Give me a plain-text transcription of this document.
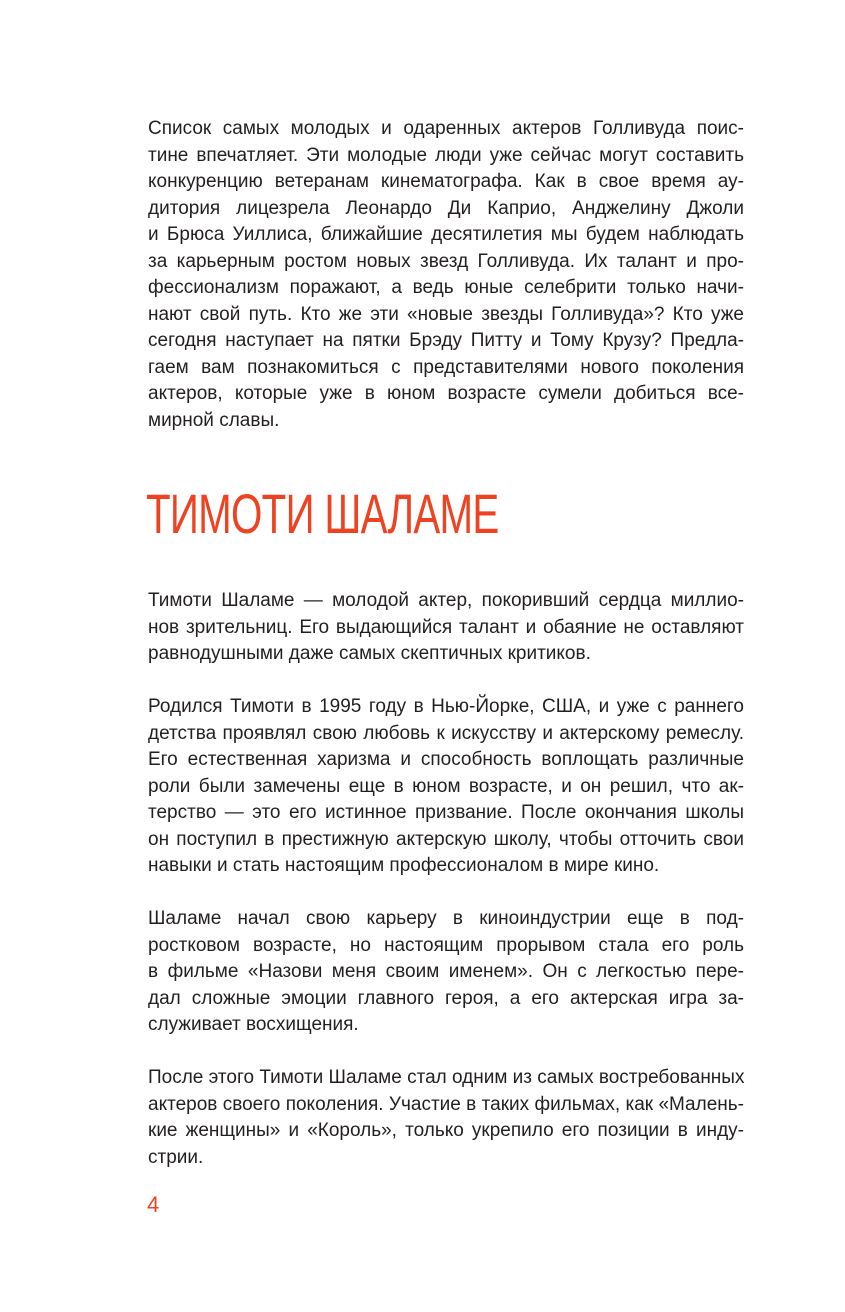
Список самых молодых и одаренных актеров Голливуда поис-
тине впечатляет. Эти молодые люди уже сейчас могут составить
конкуренцию ветеранам кинематографа. Как в свое время ау-
дитория лицезрела Леонардо Ди Каприо, Анджелину Джоли
и Брюса Уиллиса, ближайшие десятилетия мы будем наблюдать
за карьерным ростом новых звезд Голливуда. Их талант и про-
фессионализм поражают, а ведь юные селебрити только начи-
нают свой путь. Кто же эти «новые звезды Голливуда»? Кто уже
сегодня наступает на пятки Брэду Питту и Тому Крузу? Предла-
гаем вам познакомиться с представителями нового поколения
актеров, которые уже в юном возрасте сумели добиться все-
мирной славы.
ТИМОТИ ШАЛАМЕ
Тимоти Шаламе — молодой актер, покоривший сердца миллио-
нов зрительниц. Его выдающийся талант и обаяние не оставляют
равнодушными даже самых скептичных критиков.
Родился Тимоти в 1995 году в Нью-Йорке, США, и уже с раннего
детства проявлял свою любовь к искусству и актерскому ремеслу.
Его естественная харизма и способность воплощать различные
роли были замечены еще в юном возрасте, и он решил, что ак-
терство — это его истинное призвание. После окончания школы
он поступил в престижную актерскую школу, чтобы отточить свои
навыки и стать настоящим профессионалом в мире кино.
Шаламе начал свою карьеру в киноиндустрии еще в под-
ростковом возрасте, но настоящим прорывом стала его роль
в фильме «Назови меня своим именем». Он с легкостью пере-
дал сложные эмоции главного героя, а его актерская игра за-
служивает восхищения.
После этого Тимоти Шаламе стал одним из самых востребованных
актеров своего поколения. Участие в таких фильмах, как «Малень-
кие женщины» и «Король», только укрепило его позиции в инду-
стрии.
4
